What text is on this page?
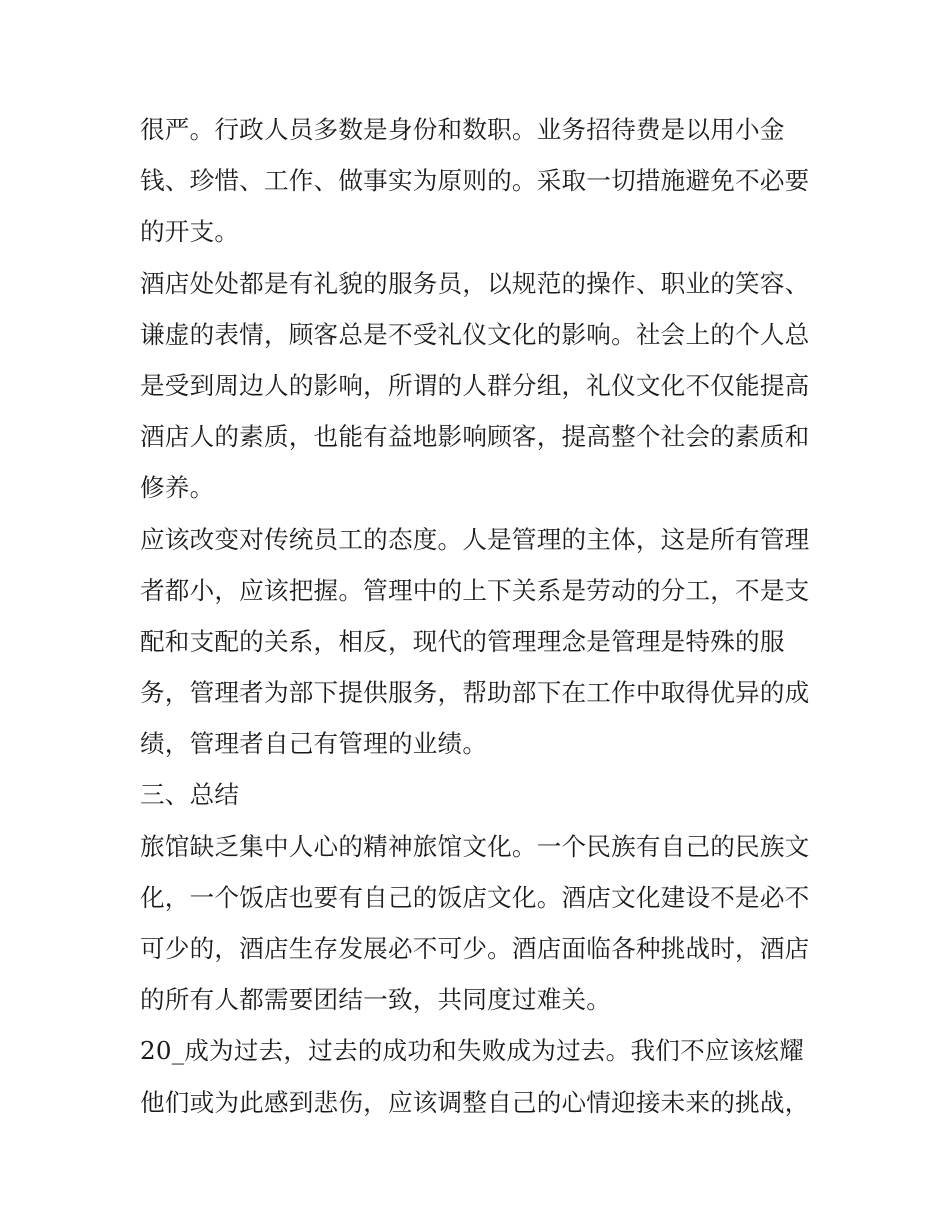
很严。行政人员多数是身份和数职。业务招待费是以用小金
钱、珍惜、工作、做事实为原则的。采取一切措施避免不必要
的开支。
酒店处处都是有礼貌的服务员，以规范的操作、职业的笑容、
谦虚的表情，顾客总是不受礼仪文化的影响。社会上的个人总
是受到周边人的影响，所谓的人群分组，礼仪文化不仅能提高
酒店人的素质，也能有益地影响顾客，提高整个社会的素质和
修养。
应该改变对传统员工的态度。人是管理的主体，这是所有管理
者都小，应该把握。管理中的上下关系是劳动的分工，不是支
配和支配的关系，相反，现代的管理理念是管理是特殊的服
务，管理者为部下提供服务，帮助部下在工作中取得优异的成
绩，管理者自己有管理的业绩。
三、总结
旅馆缺乏集中人心的精神旅馆文化。一个民族有自己的民族文
化，一个饭店也要有自己的饭店文化。酒店文化建设不是必不
可少的，酒店生存发展必不可少。酒店面临各种挑战时，酒店
的所有人都需要团结一致，共同度过难关。
20_成为过去，过去的成功和失败成为过去。我们不应该炫耀
他们或为此感到悲伤，应该调整自己的心情迎接未来的挑战，
